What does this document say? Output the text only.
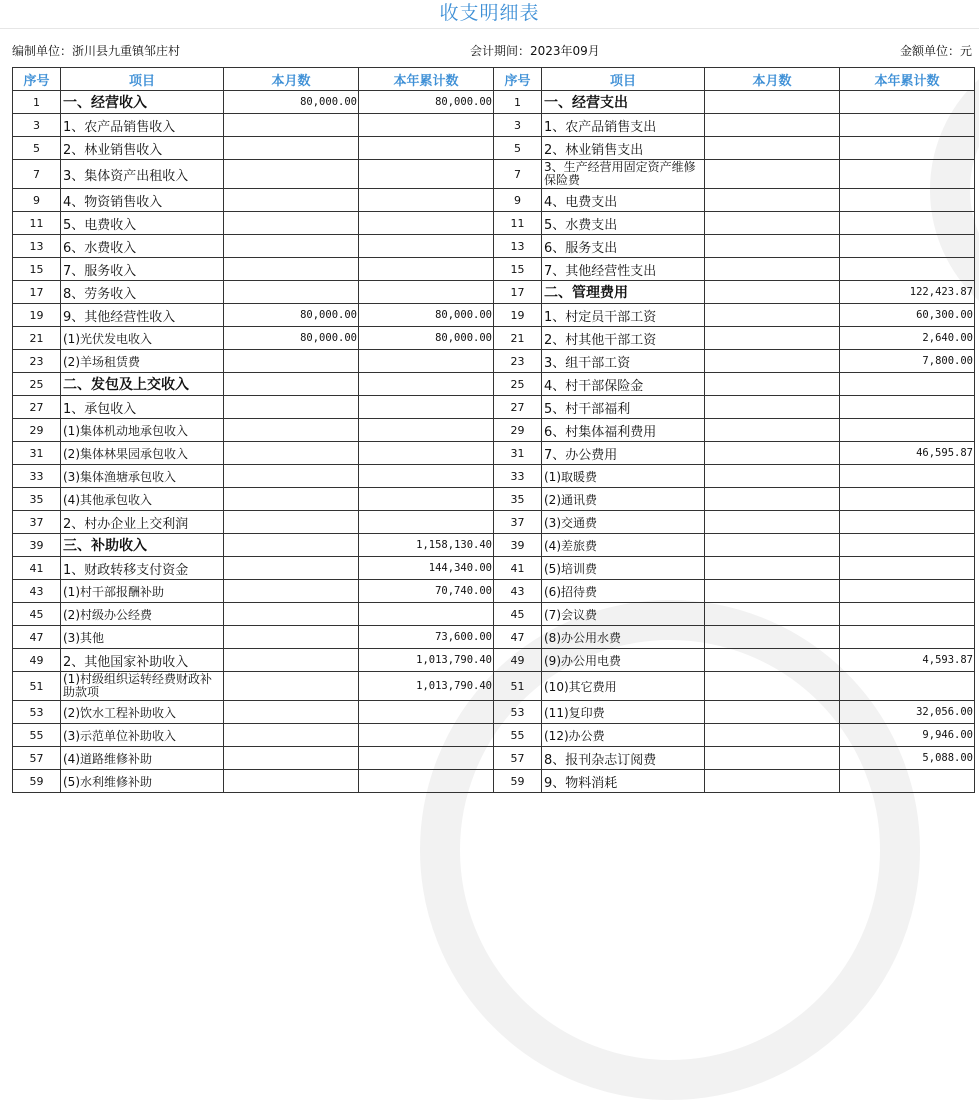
收支明细表
编制单位：浙川县九重镇邹庄村	会计期间：2023年09月	金额单位：元
序号	项目	本月数	本年累计数	序号	项目	本月数	本年累计数
1	一、经营收入	80,000.00	80,000.00	1	一、经营支出		
3	1、农产品销售收入			3	1、农产品销售支出		
5	2、林业销售收入			5	2、林业销售支出		
7	3、集体资产出租收入			7	3、生产经营用固定资产维修保险费		
9	4、物资销售收入			9	4、电费支出		
11	5、电费收入			11	5、水费支出		
13	6、水费收入			13	6、服务支出		
15	7、服务收入			15	7、其他经营性支出		
17	8、劳务收入			17	二、管理费用		122,423.87
19	9、其他经营性收入	80,000.00	80,000.00	19	1、村定员干部工资		60,300.00
21	(1)光伏发电收入	80,000.00	80,000.00	21	2、村其他干部工资		2,640.00
23	(2)羊场租赁费			23	3、组干部工资		7,800.00
25	二、发包及上交收入			25	4、村干部保险金		
27	1、承包收入			27	5、村干部福利		
29	(1)集体机动地承包收入			29	6、村集体福利费用		
31	(2)集体林果园承包收入			31	7、办公费用		46,595.87
33	(3)集体渔塘承包收入			33	(1)取暖费		
35	(4)其他承包收入			35	(2)通讯费		
37	2、村办企业上交利润			37	(3)交通费		
39	三、补助收入		1,158,130.40	39	(4)差旅费		
41	1、财政转移支付资金		144,340.00	41	(5)培训费		
43	(1)村干部报酬补助		70,740.00	43	(6)招待费		
45	(2)村级办公经费			45	(7)会议费		
47	(3)其他		73,600.00	47	(8)办公用水费		
49	2、其他国家补助收入		1,013,790.40	49	(9)办公用电费		4,593.87
51	(1)村级组织运转经费财政补助款项		1,013,790.40	51	(10)其它费用		
53	(2)饮水工程补助收入			53	(11)复印费		32,056.00
55	(3)示范单位补助收入			55	(12)办公费		9,946.00
57	(4)道路维修补助			57	8、报刊杂志订阅费		5,088.00
59	(5)水利维修补助			59	9、物料消耗		
